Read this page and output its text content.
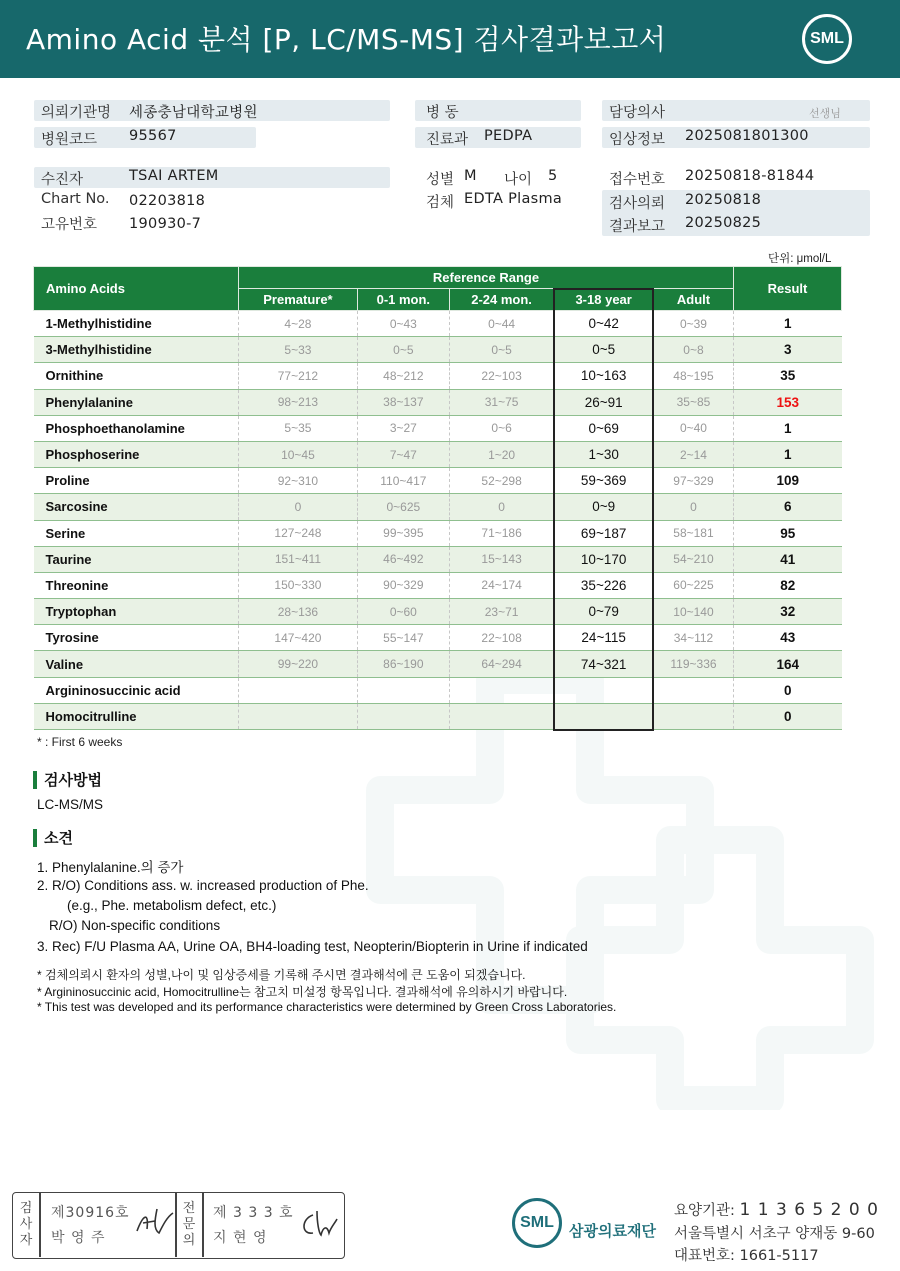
Amino Acid 분석 [P, LC/MS-MS] 검사결과보고서	SML
의뢰기관명 세종충남대학교병원
병원코드 95567
병 동
진료과 PEDPA
담당의사	선생님
임상정보 2025081801300
수진자	TSAI ARTEM
Chart No. 02203818
고유번호 190930-7
성별 M 나이 5
검체 EDTA Plasma
접수번호 20250818-81844
검사의뢰 20250818
결과보고 20250825
단위: μmol/L
Amino Acids	Reference Range					Result
	Premature*	0-1 mon.	2-24 mon.	3-18 year	Adult	
1-Methylhistidine	4~28	0~43	0~44	0~42	0~39	1
3-Methylhistidine	5~33	0~5	0~5	0~5	0~8	3
Ornithine	77~212	48~212	22~103	10~163	48~195	35
Phenylalanine	98~213	38~137	31~75	26~91	35~85	153
Phosphoethanolamine	5~35	3~27	0~6	0~69	0~40	1
Phosphoserine	10~45	7~47	1~20	1~30	2~14	1
Proline	92~310	110~417	52~298	59~369	97~329	109
Sarcosine	0	0~625	0	0~9	0	6
Serine	127~248	99~395	71~186	69~187	58~181	95
Taurine	151~411	46~492	15~143	10~170	54~210	41
Threonine	150~330	90~329	24~174	35~226	60~225	82
Tryptophan	28~136	0~60	23~71	0~79	10~140	32
Tyrosine	147~420	55~147	22~108	24~115	34~112	43
Valine	99~220	86~190	64~294	74~321	119~336	164
Argininosuccinic acid						0
Homocitrulline						0
* : First 6 weeks
검사방법
LC-MS/MS
소견
1. Phenylalanine.의 증가
2. R/O) Conditions ass. w. increased production of Phe.
(e.g., Phe. metabolism defect, etc.)
R/O) Non-specific conditions
3. Rec) F/U Plasma AA, Urine OA, BH4-loading test, Neopterin/Biopterin in Urine if indicated
* 검체의뢰시 환자의 성별,나이 및 임상증세를 기록해 주시면 결과해석에 큰 도움이 되겠습니다.
* Argininosuccinic acid, Homocitrulline는 참고치 미설정 항목입니다. 결과해석에 유의하시기 바랍니다.
* This test was developed and its performance characteristics were determined by Green Cross Laboratories.
검
사
자
제30916호
박 영 주
전
문
의
제 3 3 3 호
지 현 영
SML	삼광의료재단
요양기관: 1 1 3 6 5 2 0 0
서울특별시 서초구 양재동 9-60
대표번호: 1661-5117
